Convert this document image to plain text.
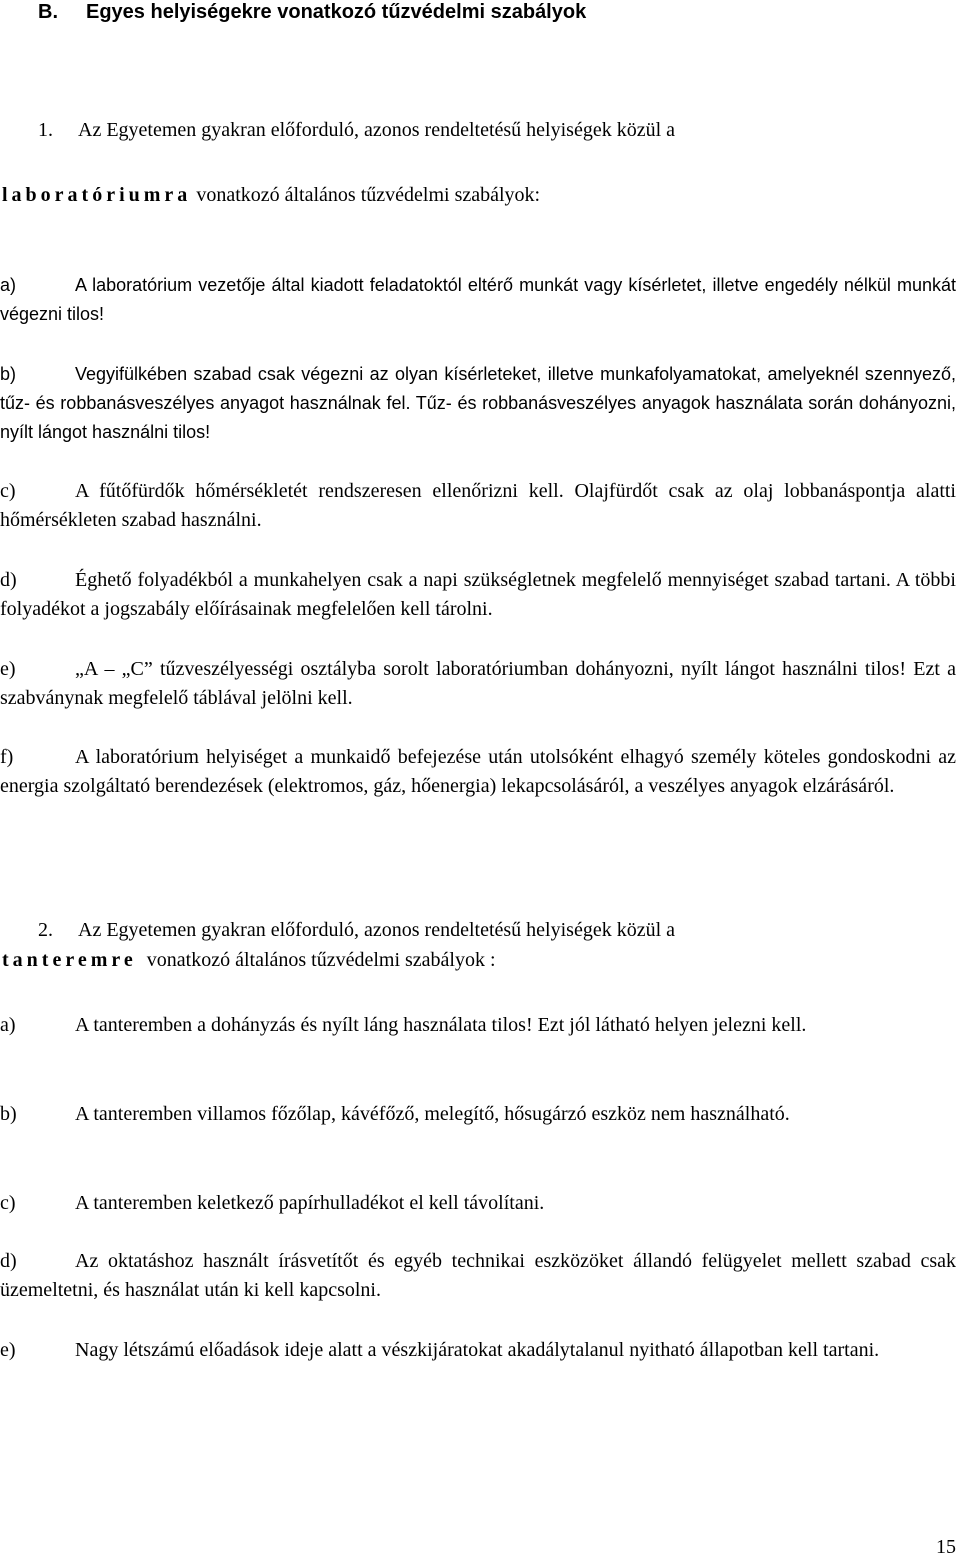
B. Egyes helyiségekre vonatkozó tűzvédelmi szabályok
1. Az Egyetemen gyakran előforduló, azonos rendeltetésű helyiségek közül a
laboratóriumra vonatkozó általános tűzvédelmi szabályok:
a)	A laboratórium vezetője által kiadott feladatoktól eltérő munkát vagy kísérletet, illetve engedély nélkül munkát végezni tilos!
b)	Vegyifülkében szabad csak végezni az olyan kísérleteket, illetve munkafolyamatokat, amelyeknél szennyező, tűz- és robbanásveszélyes anyagot használnak fel. Tűz- és robbanásveszélyes anyagok használata során dohányozni, nyílt lángot használni tilos!
c)	A fűtőfürdők hőmérsékletét rendszeresen ellenőrizni kell. Olajfürdőt csak az olaj lobbanáspontja alatti hőmérsékleten szabad használni.
d)	Éghető folyadékból a munkahelyen csak a napi szükségletnek megfelelő mennyiséget szabad tartani. A többi folyadékot a jogszabály előírásainak megfelelően kell tárolni.
e)	„A – „C” tűzveszélyességi osztályba sorolt laboratóriumban dohányozni, nyílt lángot használni tilos! Ezt a szabványnak megfelelő táblával jelölni kell.
f)	A laboratórium helyiséget a munkaidő befejezése után utolsóként elhagyó személy köteles gondoskodni az energia szolgáltató berendezések (elektromos, gáz, hőenergia) lekapcsolásáról, a veszélyes anyagok elzárásáról.
2. Az Egyetemen gyakran előforduló, azonos rendeltetésű helyiségek közül a
tanteremre vonatkozó általános tűzvédelmi szabályok :
a)	A tanteremben a dohányzás és nyílt láng használata tilos! Ezt jól látható helyen jelezni kell.
b)	A tanteremben villamos főzőlap, kávéfőző, melegítő, hősugárzó eszköz nem használható.
c)	A tanteremben keletkező papírhulladékot el kell távolítani.
d)	Az oktatáshoz használt írásvetítőt és egyéb technikai eszközöket állandó felügyelet mellett szabad csak üzemeltetni, és használat után ki kell kapcsolni.
e)	Nagy létszámú előadások ideje alatt a vészkijáratokat akadálytalanul nyitható állapotban kell tartani.
15
